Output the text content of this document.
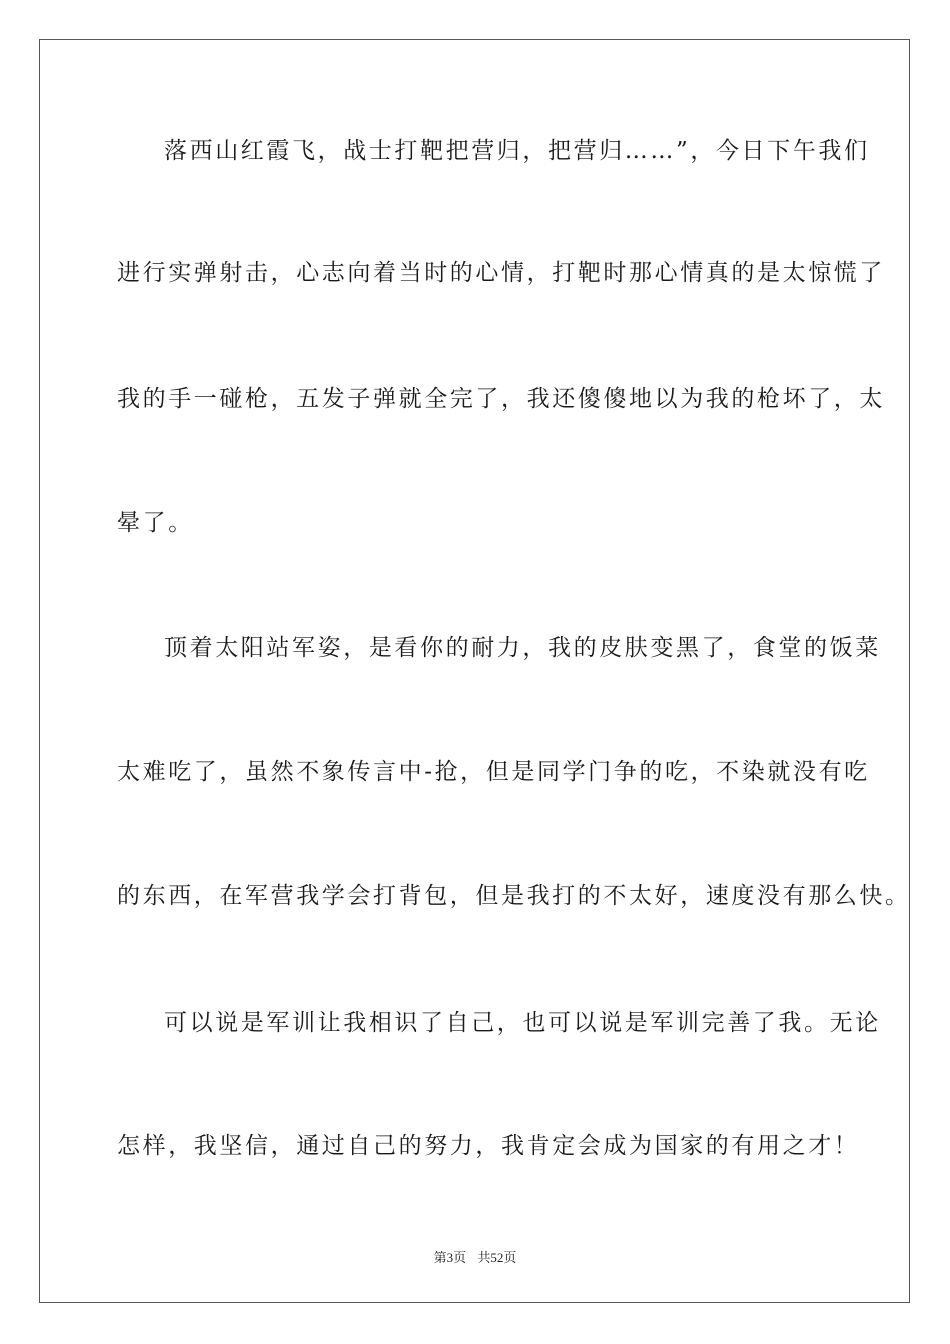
落西山红霞飞，战士打靶把营归，把营归……”，今日下午我们
进行实弹射击，心志向着当时的心情，打靶时那心情真的是太惊慌了
我的手一碰枪，五发子弹就全完了，我还傻傻地以为我的枪坏了，太
晕了。
顶着太阳站军姿，是看你的耐力，我的皮肤变黑了，食堂的饭菜
太难吃了，虽然不象传言中-抢，但是同学门争的吃，不染就没有吃
的东西，在军营我学会打背包，但是我打的不太好，速度没有那么快。
可以说是军训让我相识了自己，也可以说是军训完善了我。无论
怎样，我坚信，通过自己的努力，我肯定会成为国家的有用之才！
第3页 共52页
